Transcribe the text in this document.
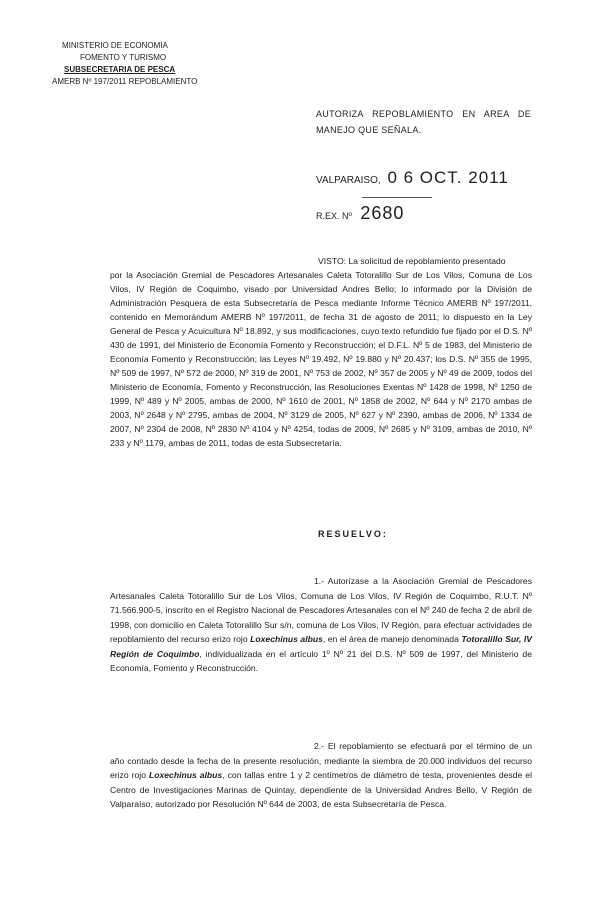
MINISTERIO DE ECONOMIA
FOMENTO Y TURISMO
SUBSECRETARIA DE PESCA
AMERB Nº 197/2011 REPOBLAMIENTO
AUTORIZA REPOBLAMIENTO EN AREA DE MANEJO QUE SEÑALA.
VALPARAISO, 0 6 OCT. 2011
R.EX. Nº 2680
VISTO: La solicitud de repoblamiento presentado
por la Asociación Gremial de Pescadores Artesanales Caleta Totoralillo Sur de Los Vilos, Comuna de Los Vilos, IV Región de Coquimbo, visado por Universidad Andres Bello; lo informado por la División de Administración Pesquera de esta Subsecretaría de Pesca mediante Informe Técnico AMERB Nº 197/2011, contenido en Memorándum AMERB Nº 197/2011, de fecha 31 de agosto de 2011; lo dispuesto en la Ley General de Pesca y Acuicultura Nº 18.892, y sus modificaciones, cuyo texto refundido fue fijado por el D.S. Nº 430 de 1991, del Ministerio de Economía Fomento y Reconstrucción; el D.F.L. Nº 5 de 1983, del Ministerio de Economía Fomento y Reconstrucción; las Leyes Nº 19.492, Nº 19.880 y Nº 20.437; los D.S. Nº 355 de 1995, Nº 509 de 1997, Nº 572 de 2000, Nº 319 de 2001, Nº 753 de 2002, Nº 357 de 2005 y Nº 49 de 2009, todos del Ministerio de Economía, Fomento y Reconstrucción, las Resoluciones Exentas Nº 1428 de 1998, Nº 1250 de 1999, Nº 489 y Nº 2005, ambas de 2000, Nº 1610 de 2001, Nº 1858 de 2002, Nº 644 y Nº 2170 ambas de 2003, Nº 2648 y Nº 2795, ambas de 2004, Nº 3129 de 2005, Nº 627 y Nº 2390, ambas de 2006, Nº 1334 de 2007, Nº 2304 de 2008, Nº 2830 Nº 4104 y Nº 4254, todas de 2009, Nº 2685 y Nº 3109, ambas de 2010, Nº 233 y Nº 1179, ambas de 2011, todas de esta Subsecretaría.
RESUELVO:
1.- Autorízase a la Asociación Gremial de Pescadores Artesanales Caleta Totoralillo Sur de Los Vilos, Comuna de Los Vilos, IV Región de Coquimbo, R.U.T. Nº 71.566.900-5, inscrito en el Registro Nacional de Pescadores Artesanales con el Nº 240 de fecha 2 de abril de 1998, con domicilio en Caleta Totoralillo Sur s/n, comuna de Los Vilos, IV Región, para efectuar actividades de repoblamiento del recurso erizo rojo Loxechinus albus, en el área de manejo denominada Totoralillo Sur, IV Región de Coquimbo, individualizada en el artículo 1º Nº 21 del D.S. Nº 509 de 1997, del Ministerio de Economía, Fomento y Reconstrucción.
2.- El repoblamiento se efectuará por el término de un año contado desde la fecha de la presente resolución, mediante la siembra de 20.000 individuos del recurso erizo rojo Loxechinus albus, con tallas entre 1 y 2 centímetros de diámetro de testa, provenientes desde el Centro de Investigaciones Marinas de Quintay, dependiente de la Universidad Andres Bello, V Región de Valparaíso, autorizado por Resolución Nº 644 de 2003, de esta Subsecretaría de Pesca.
